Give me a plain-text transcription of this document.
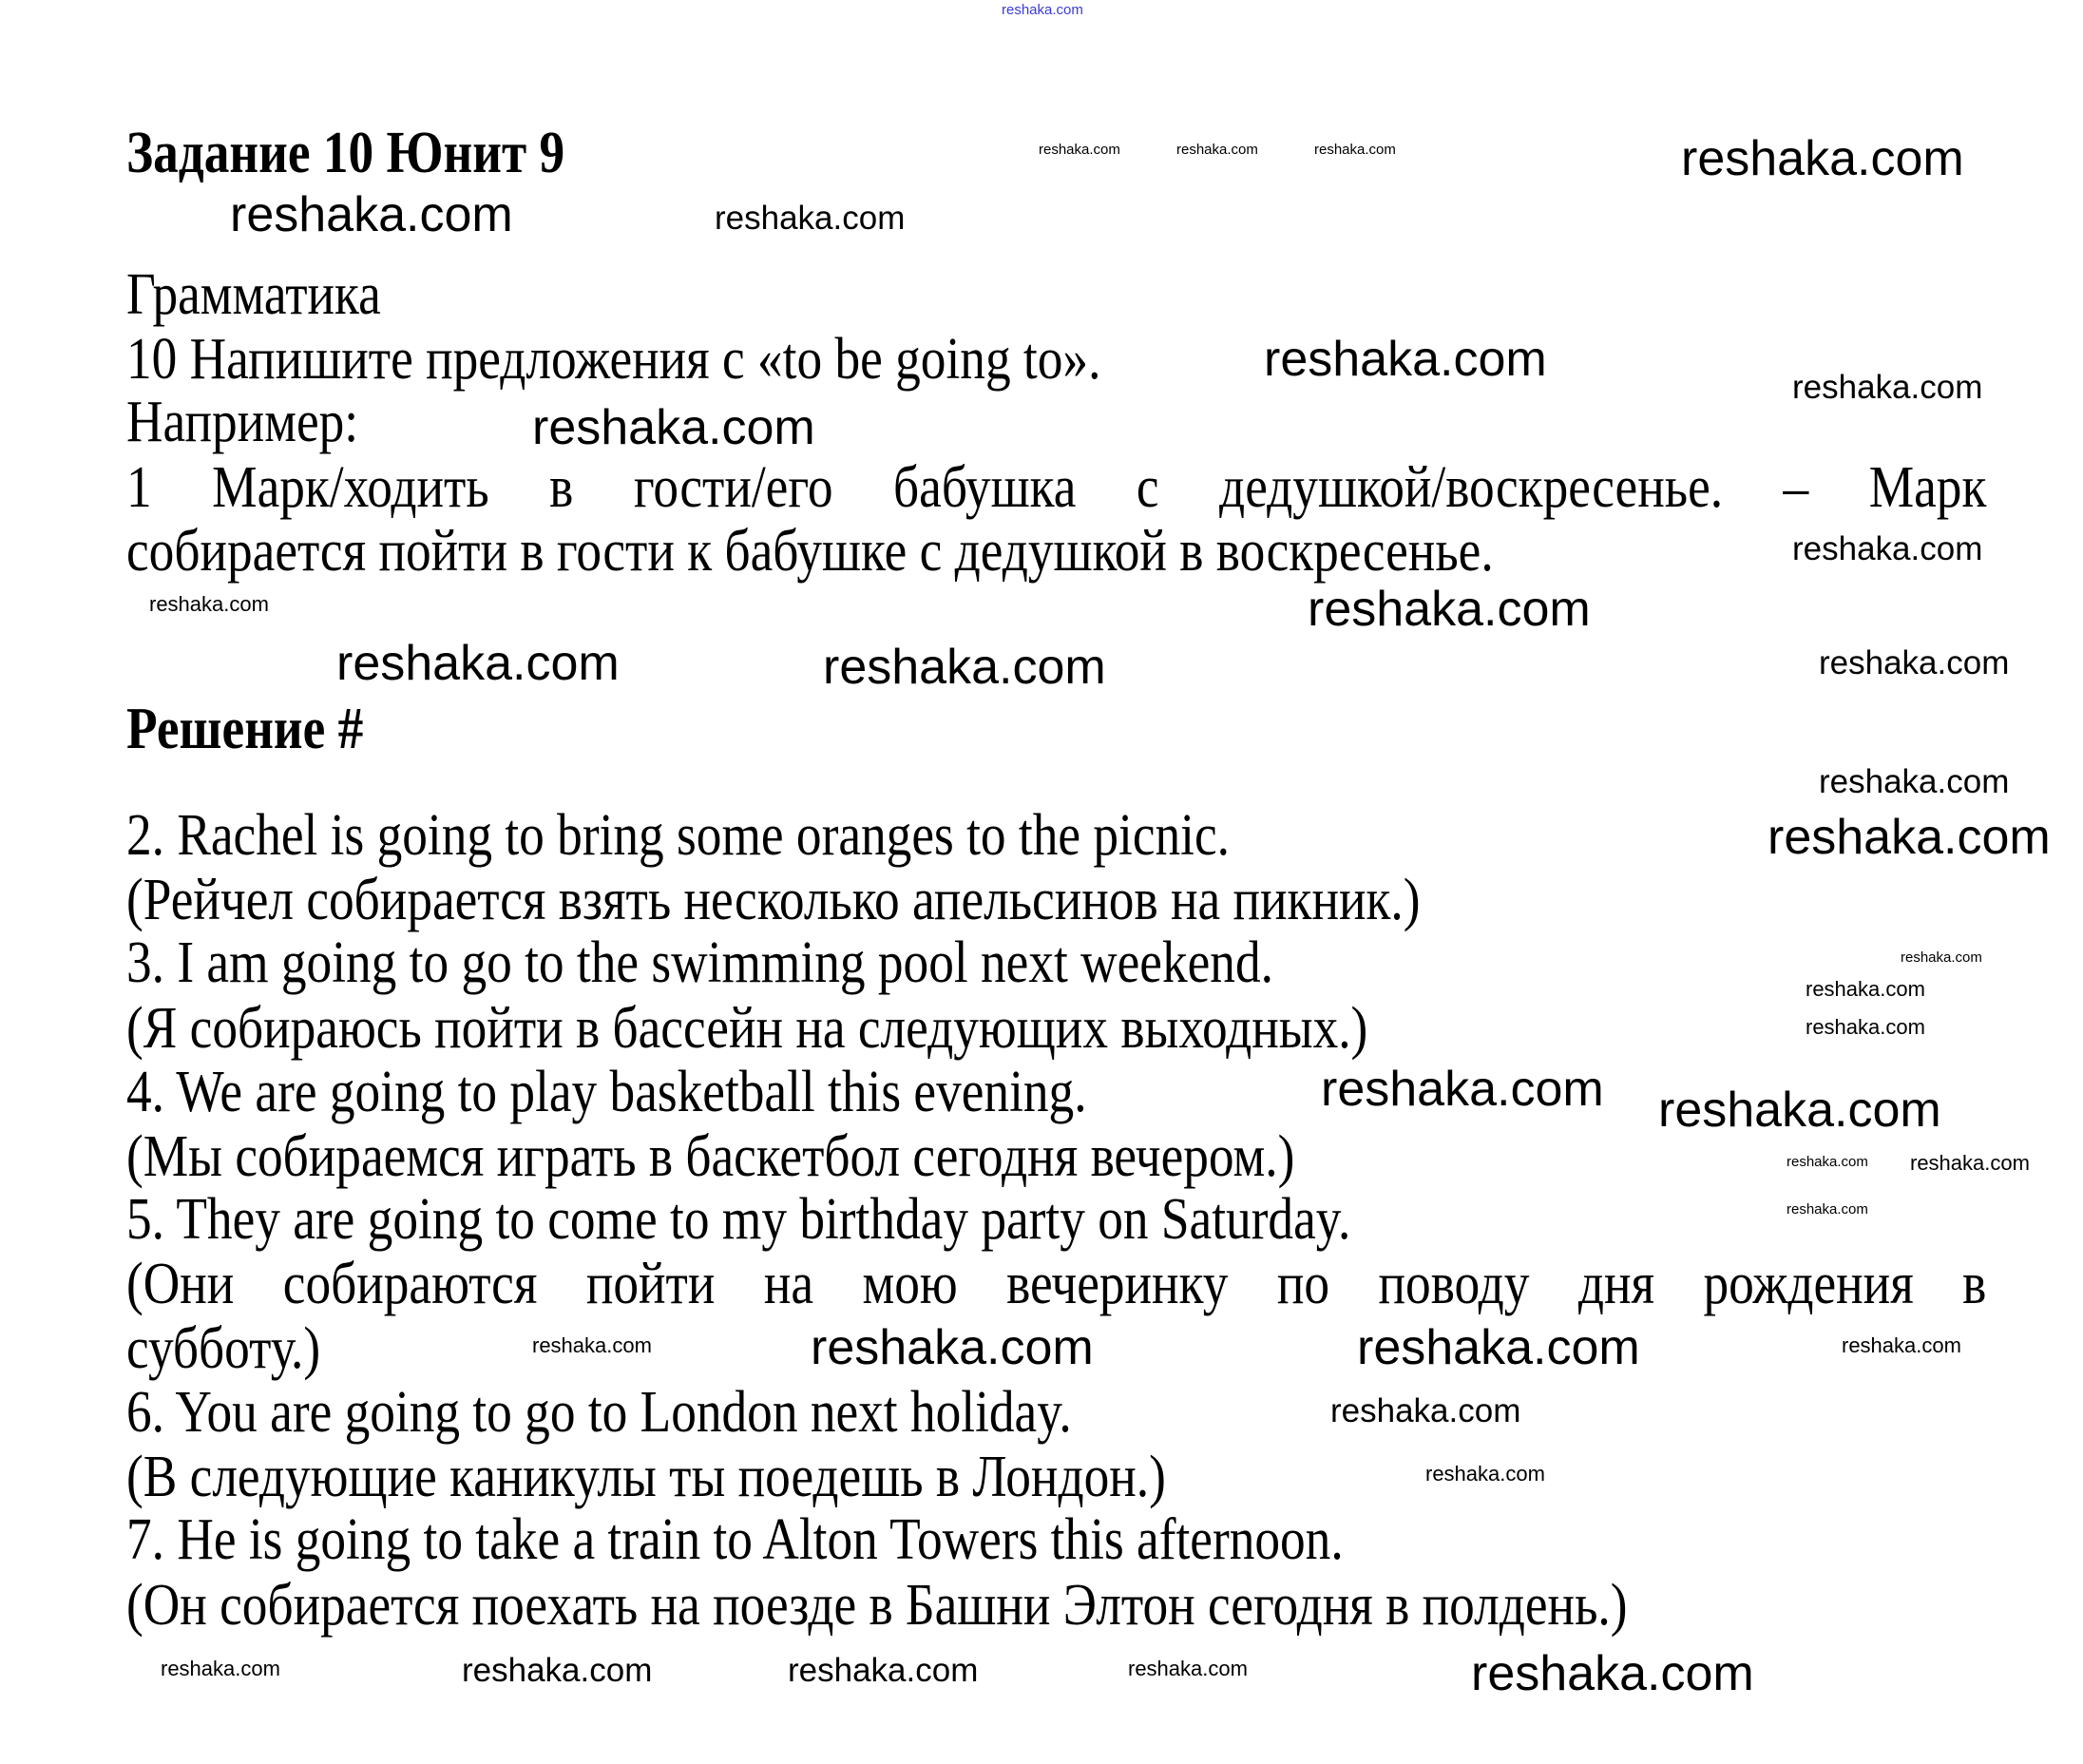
Задание 10 Юнит 9
Грамматика
10 Напишите предложения с «to be going to».
Например:
1 Марк/ходить в гости/его бабушка с дедушкой/воскресенье. – Марк
собирается пойти в гости к бабушке с дедушкой в воскресенье.
Решение #
2. Rachel is going to bring some oranges to the picnic.
(Рейчел собирается взять несколько апельсинов на пикник.)
3. I am going to go to the swimming pool next weekend.
(Я собираюсь пойти в бассейн на следующих выходных.)
4. We are going to play basketball this evening.
(Мы собираемся играть в баскетбол сегодня вечером.)
5. They are going to come to my birthday party on Saturday.
(Они собираются пойти на мою вечеринку по поводу дня рождения в
субботу.)
6. You are going to go to London next holiday.
(В следующие каникулы ты поедешь в Лондон.)
7. He is going to take a train to Alton Towers this afternoon.
(Он собирается поехать на поезде в Башни Элтон сегодня в полдень.)
reshaka.com
reshaka.com	reshaka.com	reshaka.com	reshaka.com
reshaka.com	reshaka.com
reshaka.com
reshaka.com
reshaka.com
reshaka.com
reshaka.com
reshaka.com
reshaka.com
reshaka.com
reshaka.com	reshaka.com
reshaka.com
reshaka.com
reshaka.com
reshaka.com
reshaka.com reshaka.com
reshaka.com reshaka.com
reshaka.com
reshaka.com	reshaka.com	reshaka.com
reshaka.com
reshaka.com
reshaka.com
reshaka.com	reshaka.com	reshaka.com	reshaka.com	reshaka.com
